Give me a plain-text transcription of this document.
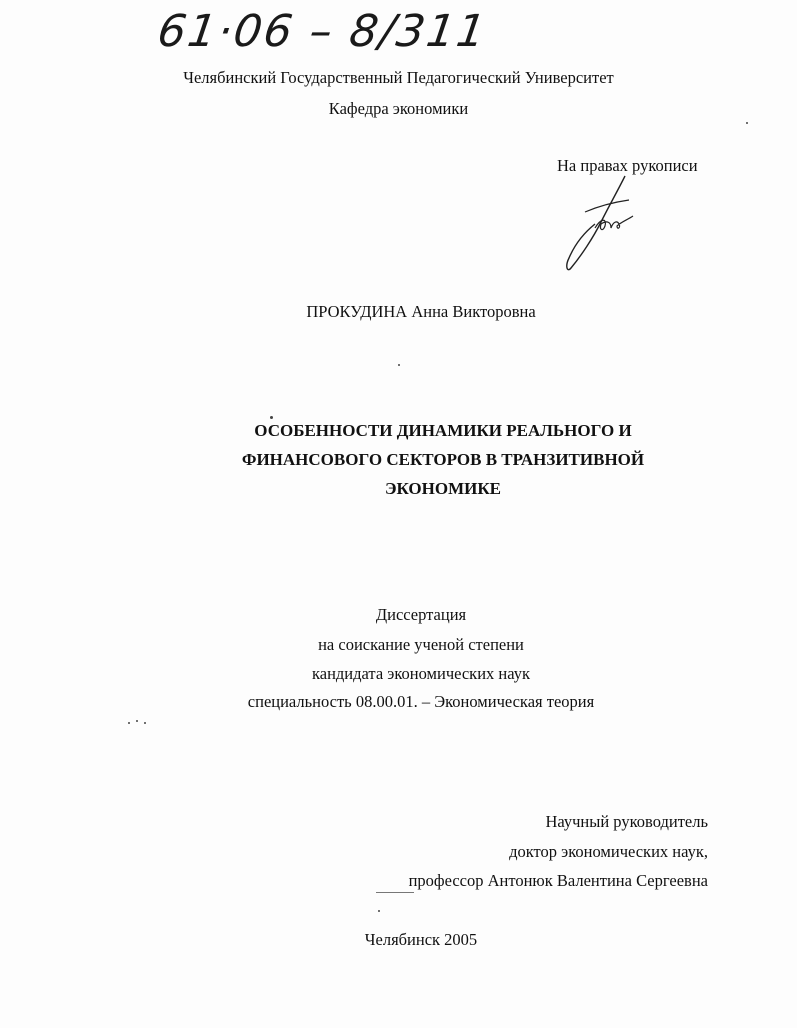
61·06 – 8/311
Челябинский Государственный Педагогический Университет
Кафедра экономики
На правах рукописи
ПРОКУДИНА Анна Викторовна
ОСОБЕННОСТИ ДИНАМИКИ РЕАЛЬНОГО И
ФИНАНСОВОГО СЕКТОРОВ В ТРАНЗИТИВНОЙ
ЭКОНОМИКЕ
Диссертация
на соискание ученой степени
кандидата экономических наук
специальность 08.00.01. – Экономическая теория
Научный руководитель
доктор экономических наук,
профессор Антонюк Валентина Сергеевна
Челябинск 2005
